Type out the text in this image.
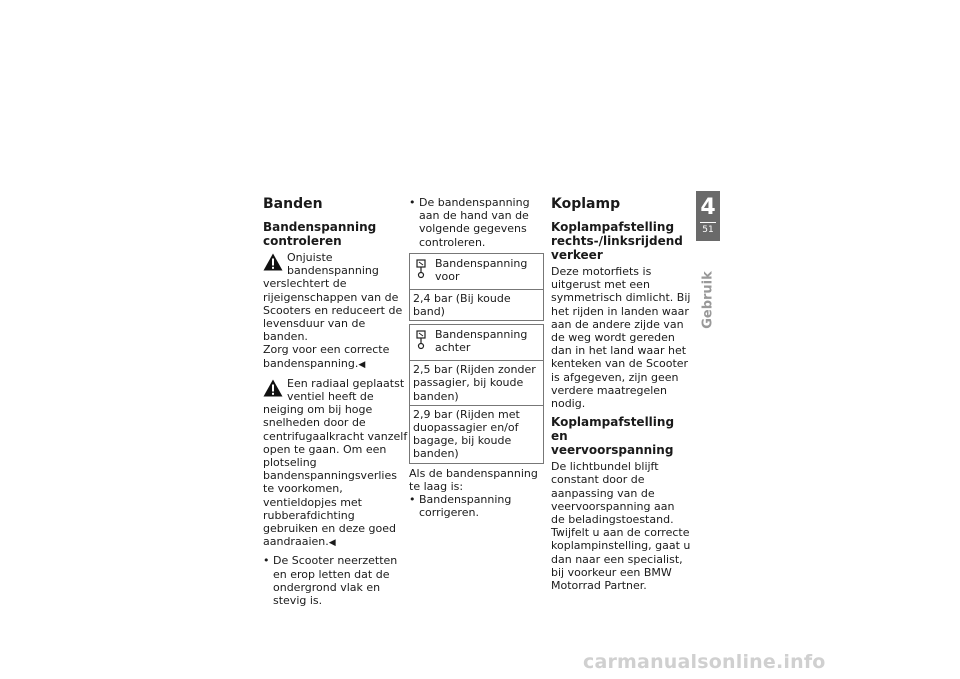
Banden
Bandenspanning controleren
Onjuiste bandenspanning verslechtert de rijeigenschappen van de Scooters en reduceert de levensduur van de banden.
Zorg voor een correcte bandenspanning.◀
Een radiaal geplaatst ventiel heeft de neiging om bij hoge snelheden door de centrifugaalkracht vanzelf open te gaan. Om een plotseling bandenspanningsverlies te voorkomen, ventieldopjes met rubberafdichting gebruiken en deze goed aandraaien.◀
• De Scooter neerzetten en erop letten dat de ondergrond vlak en stevig is.
• De bandenspanning aan de hand van de volgende gegevens controleren.
Bandenspanning voor
2,4 bar (Bij koude band)
Bandenspanning achter
2,5 bar (Rijden zonder passagier, bij koude banden)
2,9 bar (Rijden met duopassagier en/of bagage, bij koude banden)

Als de bandenspanning te laag is:

• Bandenspanning corrigeren.
Koplamp
Koplampafstelling rechts-/linksrijdend verkeer

Deze motorfiets is uitgerust met een symmetrisch dimlicht. Bij het rijden in landen waar aan de andere zijde van de weg wordt gereden dan in het land waar het kenteken van de Scooter is afgegeven, zijn geen verdere maatregelen nodig.

Koplampafstelling en veervoorspanning

De lichtbundel blijft constant door de aanpassing van de veervoorspanning aan de beladingstoestand.

Twijfelt u aan de correcte koplampinstelling, gaat u dan naar een specialist, bij voorkeur een BMW Motorrad Partner.

4
51
Gebruik
carmanualsonline.info
